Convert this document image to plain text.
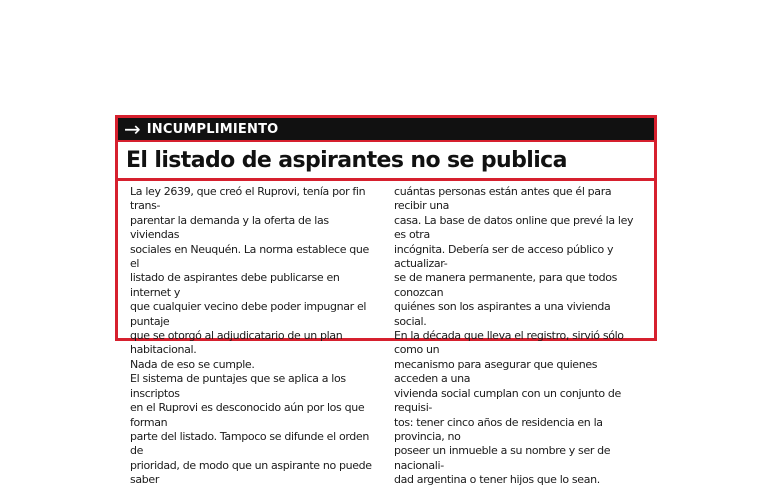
→ INCUMPLIMIENTO
El listado de aspirantes no se publica

La ley 2639, que creó el Ruprovi, tenía por fin trans-

parentar la demanda y la oferta de las viviendas

sociales en Neuquén. La norma establece que el

listado de aspirantes debe publicarse en internet y

que cualquier vecino debe poder impugnar el puntaje

que se otorgó al adjudicatario de un plan habitacional.

Nada de eso se cumple.

El sistema de puntajes que se aplica a los inscriptos

en el Ruprovi es desconocido aún por los que forman

parte del listado. Tampoco se difunde el orden de

prioridad, de modo que un aspirante no puede saber

cuántas personas están antes que él para recibir una

casa. La base de datos online que prevé la ley es otra

incógnita. Debería ser de acceso público y actualizar-

se de manera permanente, para que todos conozcan

quiénes son los aspirantes a una vivienda social.

En la década que lleva el registro, sirvió sólo como un

mecanismo para asegurar que quienes acceden a una

vivienda social cumplan con un conjunto de requisi-

tos: tener cinco años de residencia en la provincia, no

poseer un inmueble a su nombre y ser de nacionali-

dad argentina o tener hijos que lo sean.
